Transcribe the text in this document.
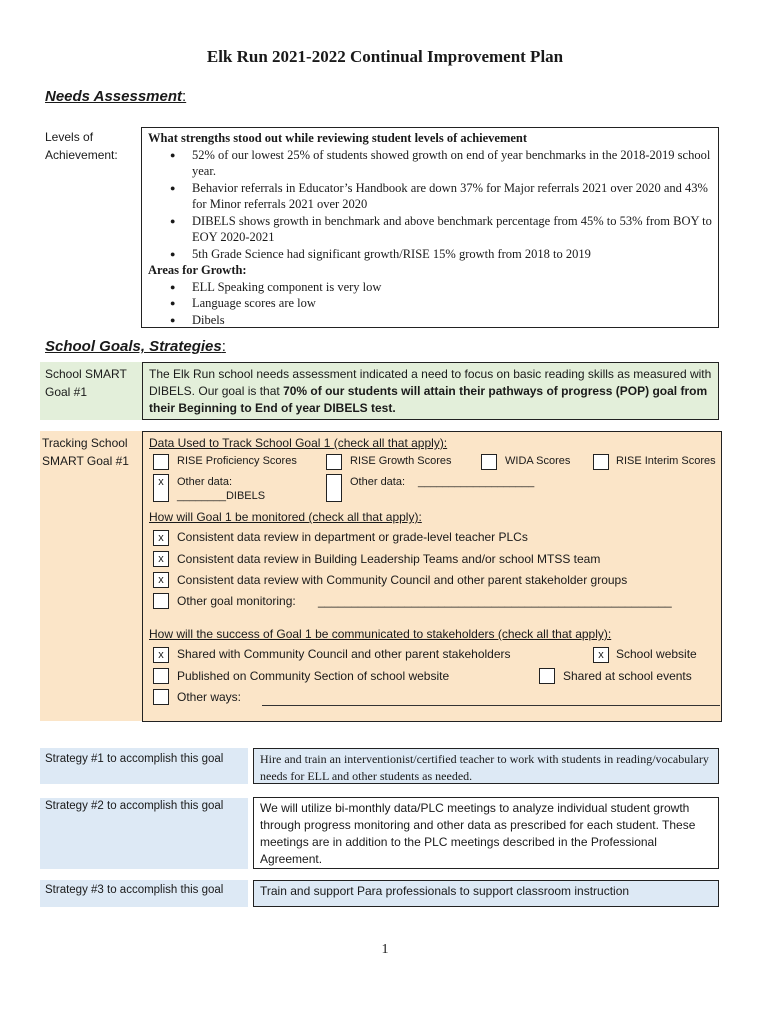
Elk Run 2021-2022 Continual Improvement Plan
Needs Assessment:
Levels of
Achievement:
What strengths stood out while reviewing student levels of achievement
● 52% of our lowest 25% of students showed growth on end of year benchmarks in the 2018-2019 school year.
● Behavior referrals in Educator’s Handbook are down 37% for Major referrals 2021 over 2020 and 43% for Minor referrals 2021 over 2020
● DIBELS shows growth in benchmark and above benchmark percentage from 45% to 53% from BOY to EOY 2020-2021
● 5th Grade Science had significant growth/RISE 15% growth from 2018 to 2019
Areas for Growth:
● ELL Speaking component is very low
● Language scores are low
● Dibels
School Goals, Strategies:
School SMART
Goal #1
The Elk Run school needs assessment indicated a need to focus on basic reading skills as measured with DIBELS. Our goal is that 70% of our students will attain their pathways of progress (POP) goal from their Beginning to End of year DIBELS test.
Tracking School
SMART Goal #1
Data Used to Track School Goal 1 (check all that apply):
RISE Proficiency Scores	RISE Growth Scores	WIDA Scores	RISE Interim Scores
x	Other data:
________DIBELS
Other data: ___________________
How will Goal 1 be monitored (check all that apply):
x	Consistent data review in department or grade-level teacher PLCs
x	Consistent data review in Building Leadership Teams and/or school MTSS team
x	Consistent data review with Community Council and other parent stakeholder groups
Other goal monitoring: _____________________________________________________
How will the success of Goal 1 be communicated to stakeholders (check all that apply):
x	Shared with Community Council and other parent stakeholders	x	School website
Published on Community Section of school website	Shared at school events
Other ways:
Strategy #1 to accomplish this goal	Hire and train an interventionist/certified teacher to work with students in reading/vocabulary needs for ELL and other students as needed.
Strategy #2 to accomplish this goal	We will utilize bi-monthly data/PLC meetings to analyze individual student growth through progress monitoring and other data as prescribed for each student. These meetings are in addition to the PLC meetings described in the Professional Agreement.
Strategy #3 to accomplish this goal	Train and support Para professionals to support classroom instruction
1
